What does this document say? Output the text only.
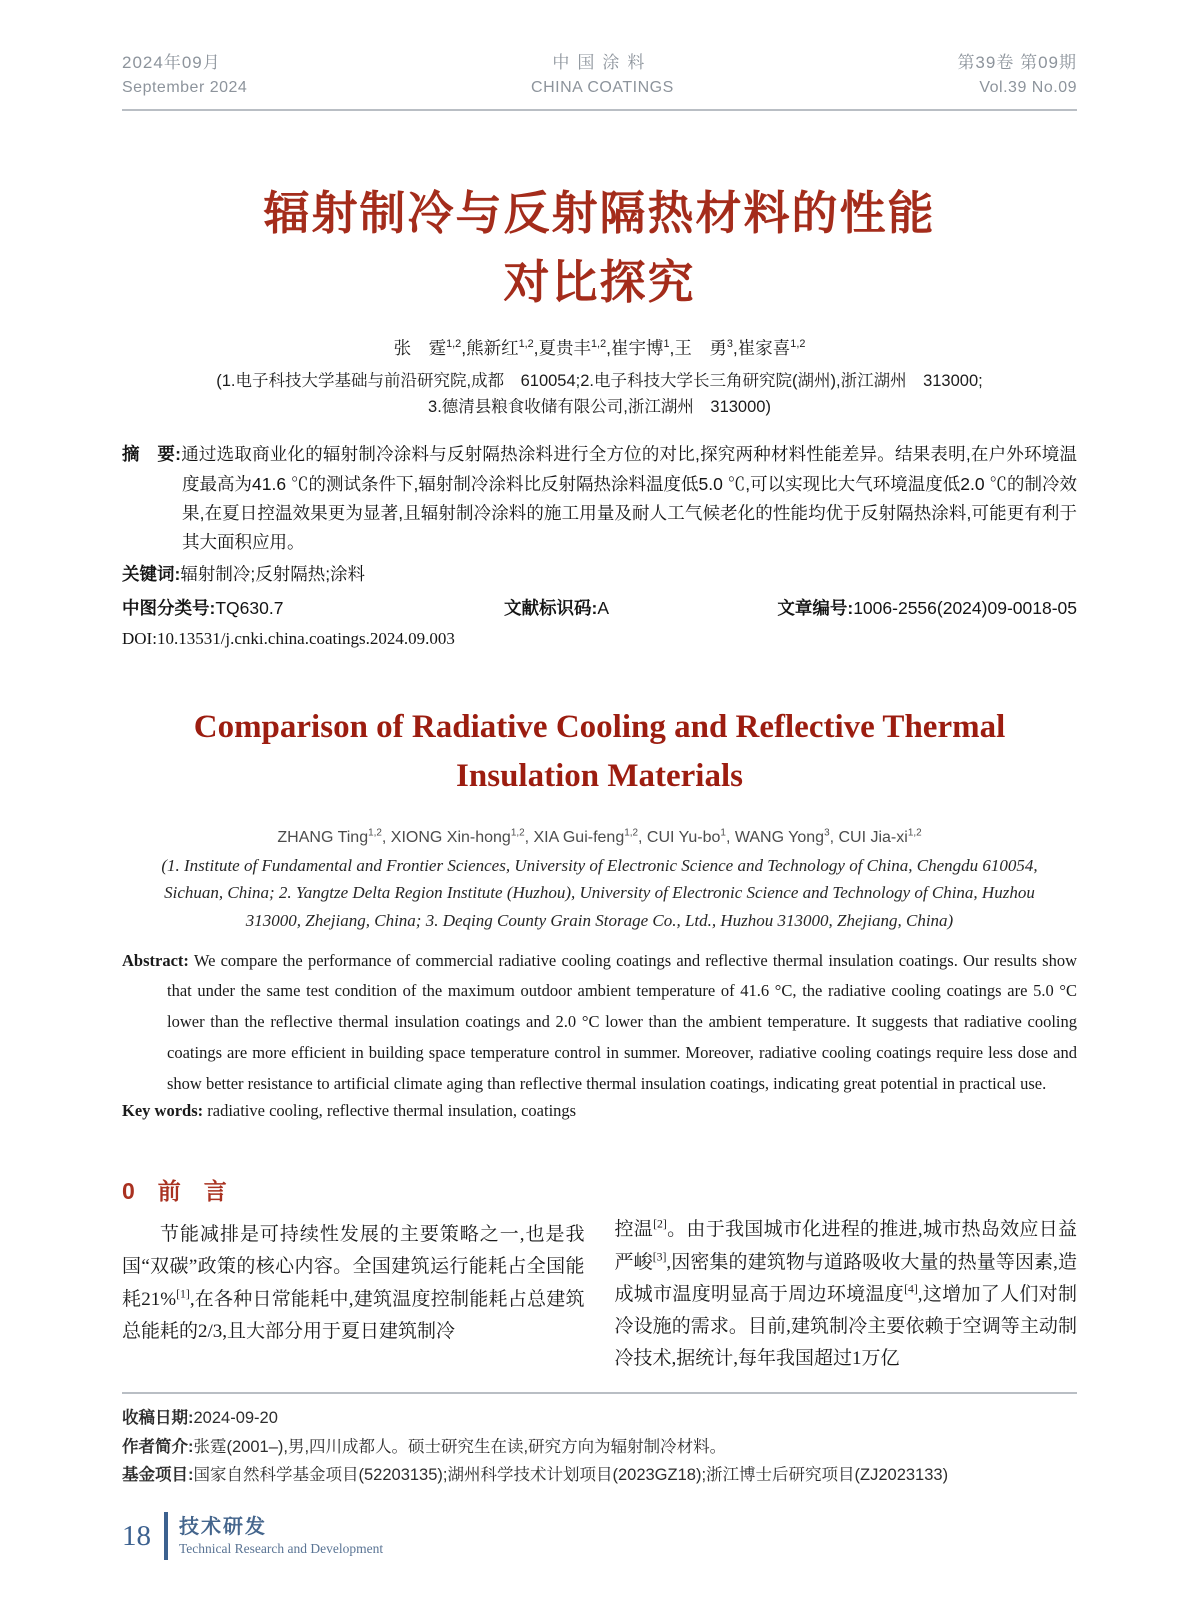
2024年09月
September 2024
中国涂料
CHINA COATINGS
第39卷 第09期
Vol.39 No.09
辐射制冷与反射隔热材料的性能
对比探究
张　霆$^{1,2}$,熊新红$^{1,2}$,夏贵丰$^{1,2}$,崔宇博$^1$,王　勇$^3$,崔家喜$^{1,2}$
(1.电子科技大学基础与前沿研究院,成都　610054;2.电子科技大学长三角研究院(湖州),浙江湖州　313000;
3.德清县粮食收储有限公司,浙江湖州　313000)
摘　要:通过选取商业化的辐射制冷涂料与反射隔热涂料进行全方位的对比,探究两种材料性能差异。结果表明,在户外环境温度最高为41.6 ℃的测试条件下,辐射制冷涂料比反射隔热涂料温度低5.0 ℃,可以实现比大气环境温度低2.0 ℃的制冷效果,在夏日控温效果更为显著,且辐射制冷涂料的施工用量及耐人工气候老化的性能均优于反射隔热涂料,可能更有利于其大面积应用。
关键词:辐射制冷;反射隔热;涂料
中图分类号:TQ630.7	文献标识码:A	文章编号:1006-2556(2024)09-0018-05
DOI:10.13531/j.cnki.china.coatings.2024.09.003
Comparison of Radiative Cooling and Reflective Thermal
Insulation Materials
ZHANG Ting$^{1,2}$, XIONG Xin-hong$^{1,2}$, XIA Gui-feng$^{1,2}$, CUI $Yu-bo^1$, WANG Yong$^3$, CUI Jia-xi$^{1,2}$
(1. Institute of Fundamental and Frontier Sciences, University of Electronic Science and Technology of China, Chengdu 610054, Sichuan, China; 2. Yangtze Delta Region Institute (Huzhou), University of Electronic Science and Technology of China, Huzhou 313000, Zhejiang, China; 3. Deqing County Grain Storage Co., Ltd., Huzhou 313000, Zhejiang, China)
Abstract: We compare the performance of commercial radiative cooling coatings and reflective thermal insulation coatings. Our results show that under the same test condition of the maximum outdoor ambient temperature of 41.6 °C, the radiative cooling coatings are 5.0 °C lower than the reflective thermal insulation coatings and 2.0 °C lower than the ambient temperature. It suggests that radiative cooling coatings are more efficient in building space temperature control in summer. Moreover, radiative cooling coatings require less dose and show better resistance to artificial climate aging than reflective thermal insulation coatings, indicating great potential in practical use.
Key words: radiative cooling, reflective thermal insulation, coatings
0　前　言

节能减排是可持续性发展的主要策略之一,也是我国“双碳”政策的核心内容。全国建筑运行能耗占全国能耗21%[1],在各种日常能耗中,建筑温度控制能耗占总建筑总能耗的2/3,且大部分用于夏日建筑制冷

控温[2]。由于我国城市化进程的推进,城市热岛效应日益严峻[3],因密集的建筑物与道路吸收大量的热量等因素,造成城市温度明显高于周边环境温度[4],这增加了人们对制冷设施的需求。目前,建筑制冷主要依赖于空调等主动制冷技术,据统计,每年我国超过1万亿

收稿日期:2024-09-20
作者简介:张霆(2001–),男,四川成都人。硕士研究生在读,研究方向为辐射制冷材料。
基金项目:国家自然科学基金项目(52203135);湖州科学技术计划项目(2023GZ18);浙江博士后研究项目(ZJ2023133)
18 技术研发
Technical Research and Development
